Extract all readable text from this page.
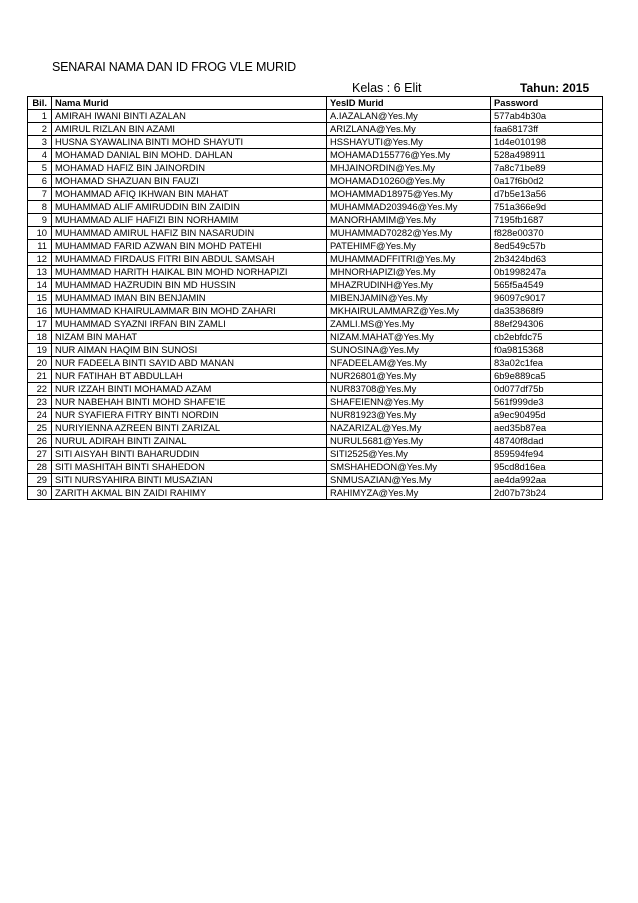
SENARAI NAMA DAN ID FROG VLE MURID
Kelas : 6 Elit	Tahun: 2015
Bil.	Nama Murid	YesID Murid	Password
1	AMIRAH IWANI BINTI AZALAN	A.IAZALAN@Yes.My	577ab4b30a
2	AMIRUL RIZLAN BIN AZAMI	ARIZLANA@Yes.My	faa68173ff
3	HUSNA SYAWALINA BINTI MOHD SHAYUTI	HSSHAYUTI@Yes.My	1d4e010198
4	MOHAMAD DANIAL BIN MOHD. DAHLAN	MOHAMAD155776@Yes.My	528a498911
5	MOHAMAD HAFIZ BIN JAINORDIN	MHJAINORDIN@Yes.My	7a8c71be89
6	MOHAMAD SHAZUAN BIN FAUZI	MOHAMAD10260@Yes.My	0a17f6b0d2
7	MOHAMMAD AFIQ IKHWAN BIN MAHAT	MOHAMMAD18975@Yes.My	d7b5e13a56
8	MUHAMMAD ALIF AMIRUDDIN BIN ZAIDIN	MUHAMMAD203946@Yes.My	751a366e9d
9	MUHAMMAD ALIF HAFIZI BIN NORHAMIM	MANORHAMIM@Yes.My	7195fb1687
10	MUHAMMAD AMIRUL HAFIZ BIN NASARUDIN	MUHAMMAD70282@Yes.My	f828e00370
11	MUHAMMAD FARID AZWAN BIN MOHD PATEHI	PATEHIMF@Yes.My	8ed549c57b
12	MUHAMMAD FIRDAUS FITRI BIN ABDUL SAMSAH	MUHAMMADFFITRI@Yes.My	2b3424bd63
13	MUHAMMAD HARITH HAIKAL BIN MOHD NORHAPIZI	MHNORHAPIZI@Yes.My	0b1998247a
14	MUHAMMAD HAZRUDIN BIN MD HUSSIN	MHAZRUDINH@Yes.My	565f5a4549
15	MUHAMMAD IMAN BIN BENJAMIN	MIBENJAMIN@Yes.My	96097c9017
16	MUHAMMAD KHAIRULAMMAR BIN MOHD ZAHARI	MKHAIRULAMMARZ@Yes.My	da353868f9
17	MUHAMMAD SYAZNI IRFAN BIN ZAMLI	ZAMLI.MS@Yes.My	88ef294306
18	NIZAM BIN MAHAT	NIZAM.MAHAT@Yes.My	cb2ebfdc75
19	NUR AIMAN HAQIM BIN SUNOSI	SUNOSINA@Yes.My	f0a9815368
20	NUR FADEELA BINTI SAYID ABD MANAN	NFADEELAM@Yes.My	83a02c1fea
21	NUR FATIHAH BT ABDULLAH	NUR26801@Yes.My	6b9e889ca5
22	NUR IZZAH BINTI MOHAMAD AZAM	NUR83708@Yes.My	0d077df75b
23	NUR NABEHAH BINTI MOHD SHAFE'IE	SHAFEIENN@Yes.My	561f999de3
24	NUR SYAFIERA FITRY BINTI NORDIN	NUR81923@Yes.My	a9ec90495d
25	NURIYIENNA AZREEN BINTI ZARIZAL	NAZARIZAL@Yes.My	aed35b87ea
26	NURUL ADIRAH BINTI ZAINAL	NURUL5681@Yes.My	48740f8dad
27	SITI AISYAH BINTI BAHARUDDIN	SITI2525@Yes.My	859594fe94
28	SITI MASHITAH BINTI SHAHEDON	SMSHAHEDON@Yes.My	95cd8d16ea
29	SITI NURSYAHIRA BINTI MUSAZIAN	SNMUSAZIAN@Yes.My	ae4da992aa
30	ZARITH AKMAL BIN ZAIDI RAHIMY	RAHIMYZA@Yes.My	2d07b73b24
